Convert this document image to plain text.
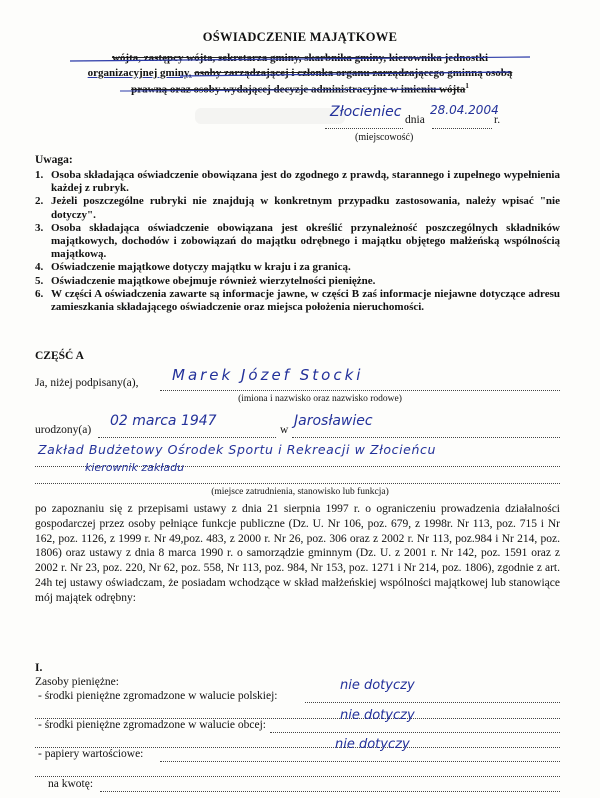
OŚWIADCZENIE MAJĄTKOWE
wójta, zastępcy wójta, sekretarza gminy, skarbnika gminy, kierownika jednostki
organizacyjnej gminy, osoby zarządzającej i członka organu zarządzającego gminną osobą
prawną oraz osoby wydającej decyzje administracyjne w imieniu wójta$^1$
Złocieniec dnia
28.04.2004
r.
(miejscowość)
Uwaga:
1. Osoba składająca oświadczenie obowiązana jest do zgodnego z prawdą, starannego i zupełnego wypełnienia każdej z rubryk.
2. Jeżeli poszczególne rubryki nie znajdują w konkretnym przypadku zastosowania, należy wpisać "nie dotyczy".
3. Osoba składająca oświadczenie obowiązana jest określić przynależność poszczególnych składników majątkowych, dochodów i zobowiązań do majątku odrębnego i majątku objętego małżeńską wspólnością majątkową.
4. Oświadczenie majątkowe dotyczy majątku w kraju i za granicą.
5. Oświadczenie majątkowe obejmuje również wierzytelności pieniężne.
6. W części A oświadczenia zawarte są informacje jawne, w części B zaś informacje niejawne dotyczące adresu zamieszkania składającego oświadczenie oraz miejsca położenia nieruchomości.
CZĘŚĆ A
Ja, niżej podpisany(a), Marek Józef Stocki
(imiona i nazwisko oraz nazwisko rodowe)
urodzony(a)
02 marca 1947
w
Jarosławiec
Zakład Budżetowy Ośrodek Sportu i Rekreacji w Złocieńcu
kierownik zakładu
(miejsce zatrudnienia, stanowisko lub funkcja)
po zapoznaniu się z przepisami ustawy z dnia 21 sierpnia 1997 r. o ograniczeniu prowadzenia działalności gospodarczej przez osoby pełniące funkcje publiczne (Dz. U. Nr 106, poz. 679, z 1998r. Nr 113, poz. 715 i Nr 162, poz. 1126, z 1999 r. Nr 49,poz. 483, z 2000 r. Nr 26, poz. 306 oraz z 2002 r. Nr 113, poz.984 i Nr 214, poz. 1806) oraz ustawy z dnia 8 marca 1990 r. o samorządzie gminnym (Dz. U. z 2001 r. Nr 142, poz. 1591 oraz z 2002 r. Nr 23, poz. 220, Nr 62, poz. 558, Nr 113, poz. 984, Nr 153, poz. 1271 i Nr 214, poz. 1806), zgodnie z art. 24h tej ustawy oświadczam, że posiadam wchodzące w skład małżeńskiej wspólności majątkowej lub stanowiące mój majątek odrębny:
I.
Zasoby pieniężne:
- środki pieniężne zgromadzone w walucie polskiej:
nie dotyczy
- środki pieniężne zgromadzone w walucie obcej:
nie dotyczy
- papiery wartościowe:
nie dotyczy
na kwotę:
